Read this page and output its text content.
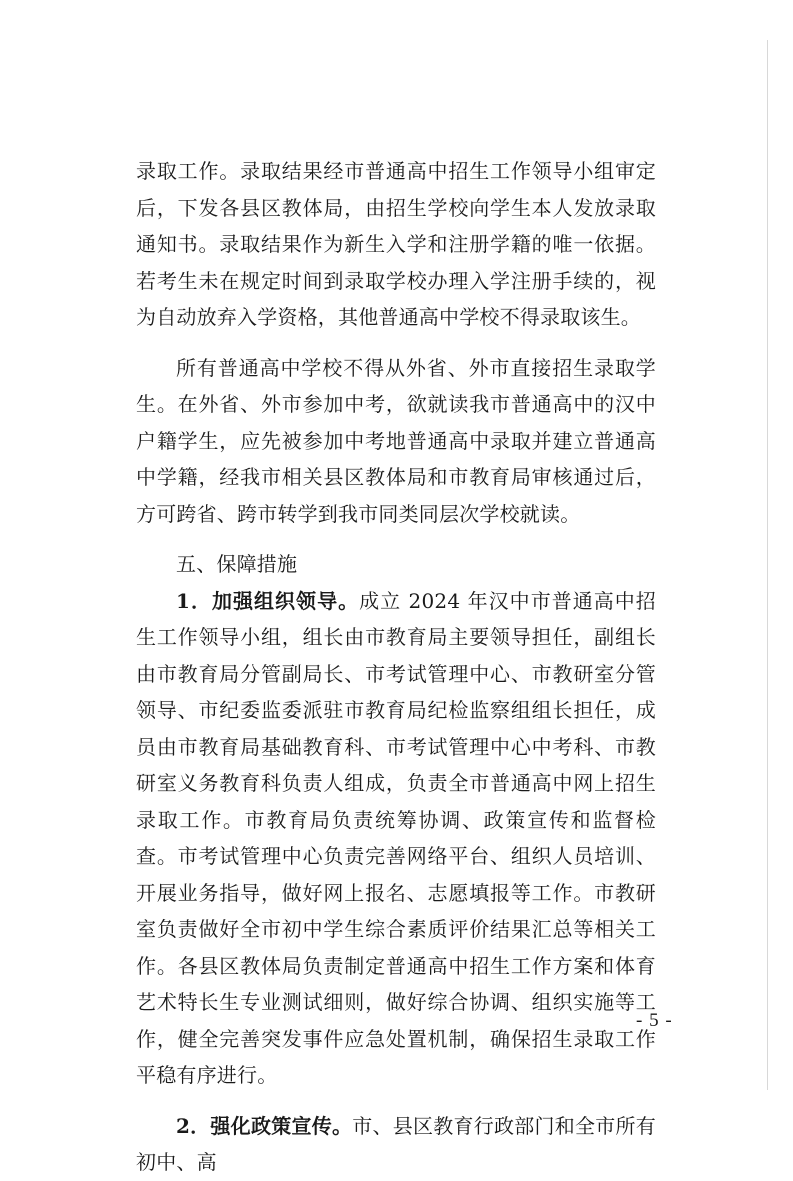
录取工作。录取结果经市普通高中招生工作领导小组审定后，下发各县区教体局，由招生学校向学生本人发放录取通知书。录取结果作为新生入学和注册学籍的唯一依据。若考生未在规定时间到录取学校办理入学注册手续的，视为自动放弃入学资格，其他普通高中学校不得录取该生。

所有普通高中学校不得从外省、外市直接招生录取学生。在外省、外市参加中考，欲就读我市普通高中的汉中户籍学生，应先被参加中考地普通高中录取并建立普通高中学籍，经我市相关县区教体局和市教育局审核通过后，方可跨省、跨市转学到我市同类同层次学校就读。

五、保障措施

1．加强组织领导。成立 2024 年汉中市普通高中招生工作领导小组，组长由市教育局主要领导担任，副组长由市教育局分管副局长、市考试管理中心、市教研室分管领导、市纪委监委派驻市教育局纪检监察组组长担任，成员由市教育局基础教育科、市考试管理中心中考科、市教研室义务教育科负责人组成，负责全市普通高中网上招生录取工作。市教育局负责统筹协调、政策宣传和监督检查。市考试管理中心负责完善网络平台、组织人员培训、开展业务指导，做好网上报名、志愿填报等工作。市教研室负责做好全市初中学生综合素质评价结果汇总等相关工作。各县区教体局负责制定普通高中招生工作方案和体育艺术特长生专业测试细则，做好综合协调、组织实施等工作，健全完善突发事件应急处置机制，确保招生录取工作平稳有序进行。

2．强化政策宣传。市、县区教育行政部门和全市所有初中、高

- 5 -
